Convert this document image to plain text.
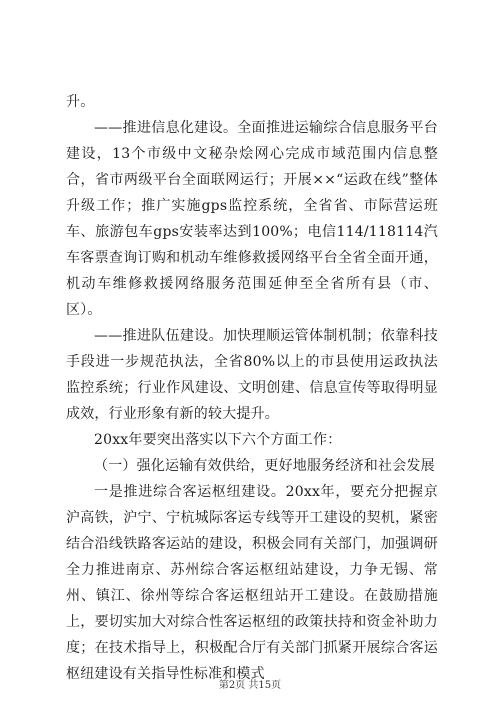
升。

——推进信息化建设。全面推进运输综合信息服务平台建设，13个市级中文秘杂烩网心完成市域范围内信息整合，省市两级平台全面联网运行；开展××“运政在线”整体升级工作；推广实施gps监控系统，全省省、市际营运班车、旅游包车gps安装率达到100%；电信114/118114汽车客票查询订购和机动车维修救援网络平台全省全面开通，机动车维修救援网络服务范围延伸至全省所有县（市、区）。

——推进队伍建设。加快理顺运管体制机制；依靠科技手段进一步规范执法，全省80%以上的市县使用运政执法监控系统；行业作风建设、文明创建、信息宣传等取得明显成效，行业形象有新的较大提升。

20xx年要突出落实以下六个方面工作：

（一）强化运输有效供给，更好地服务经济和社会发展

一是推进综合客运枢纽建设。20xx年，要充分把握京沪高铁，沪宁、宁杭城际客运专线等开工建设的契机，紧密结合沿线铁路客运站的建设，积极会同有关部门，加强调研全力推进南京、苏州综合客运枢纽站建设，力争无锡、常州、镇江、徐州等综合客运枢纽站开工建设。在鼓励措施上，要切实加大对综合性客运枢纽的政策扶持和资金补助力度；在技术指导上，积极配合厅有关部门抓紧开展综合客运枢纽建设有关指导性标准和模式

第2页 共15页
